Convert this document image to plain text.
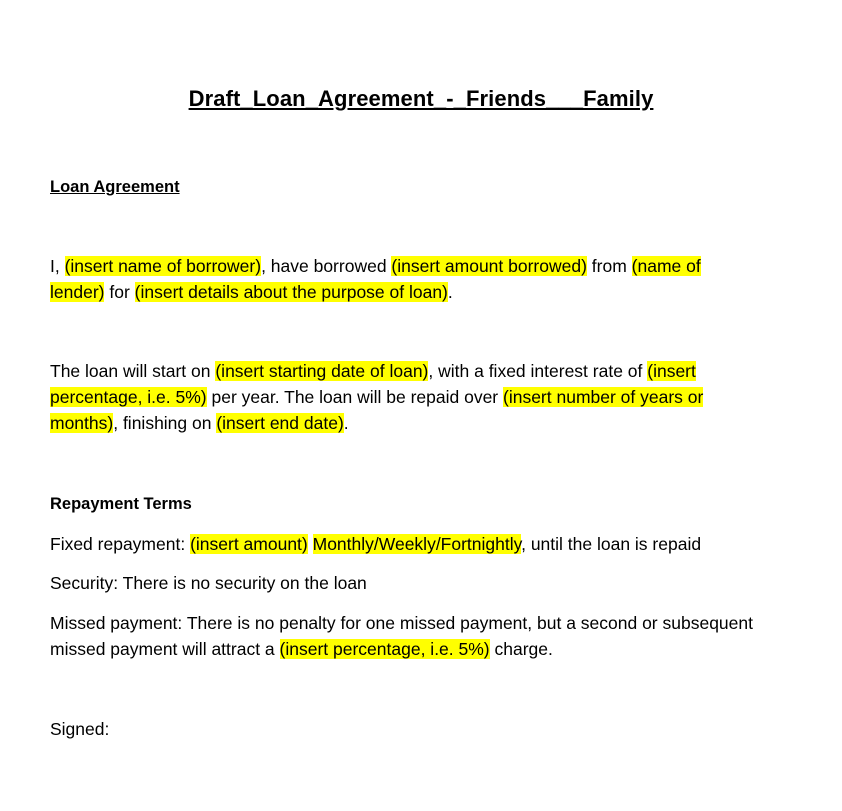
Draft_Loan_Agreement_-_Friends___Family

Loan Agreement

I, (insert name of borrower), have borrowed (insert amount borrowed) from (name of
lender) for (insert details about the purpose of loan).

The loan will start on (insert starting date of loan), with a fixed interest rate of (insert
percentage, i.e. 5%) per year. The loan will be repaid over (insert number of years or
months), finishing on (insert end date).

Repayment Terms

Fixed repayment: (insert amount) Monthly/Weekly/Fortnightly, until the loan is repaid

Security: There is no security on the loan

Missed payment: There is no penalty for one missed payment, but a second or subsequent
missed payment will attract a (insert percentage, i.e. 5%) charge.

Signed:
